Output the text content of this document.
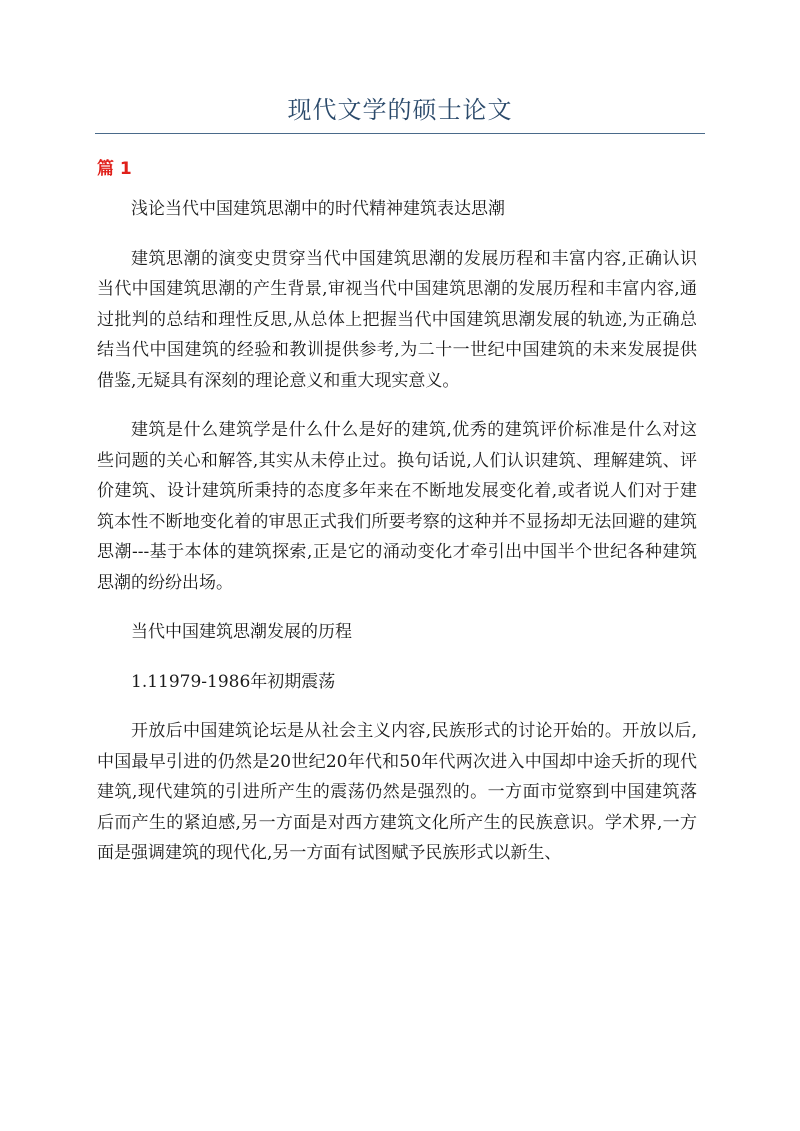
现代文学的硕士论文
篇 1

浅论当代中国建筑思潮中的时代精神建筑表达思潮

建筑思潮的演变史贯穿当代中国建筑思潮的发展历程和丰富内容,正确认识当代中国建筑思潮的产生背景,审视当代中国建筑思潮的发展历程和丰富内容,通过批判的总结和理性反思,从总体上把握当代中国建筑思潮发展的轨迹,为正确总结当代中国建筑的经验和教训提供参考,为二十一世纪中国建筑的未来发展提供借鉴,无疑具有深刻的理论意义和重大现实意义。

建筑是什么建筑学是什么什么是好的建筑,优秀的建筑评价标准是什么对这些问题的关心和解答,其实从未停止过。换句话说,人们认识建筑、理解建筑、评价建筑、设计建筑所秉持的态度多年来在不断地发展变化着,或者说人们对于建筑本性不断地变化着的审思正式我们所要考察的这种并不显扬却无法回避的建筑思潮---基于本体的建筑探索,正是它的涌动变化才牵引出中国半个世纪各种建筑思潮的纷纷出场。

当代中国建筑思潮发展的历程

1.11979-1986年初期震荡

开放后中国建筑论坛是从社会主义内容,民族形式的讨论开始的。开放以后,中国最早引进的仍然是20世纪20年代和50年代两次进入中国却中途夭折的现代建筑,现代建筑的引进所产生的震荡仍然是强烈的。一方面市觉察到中国建筑落后而产生的紧迫感,另一方面是对西方建筑文化所产生的民族意识。学术界,一方面是强调建筑的现代化,另一方面有试图赋予民族形式以新生、
